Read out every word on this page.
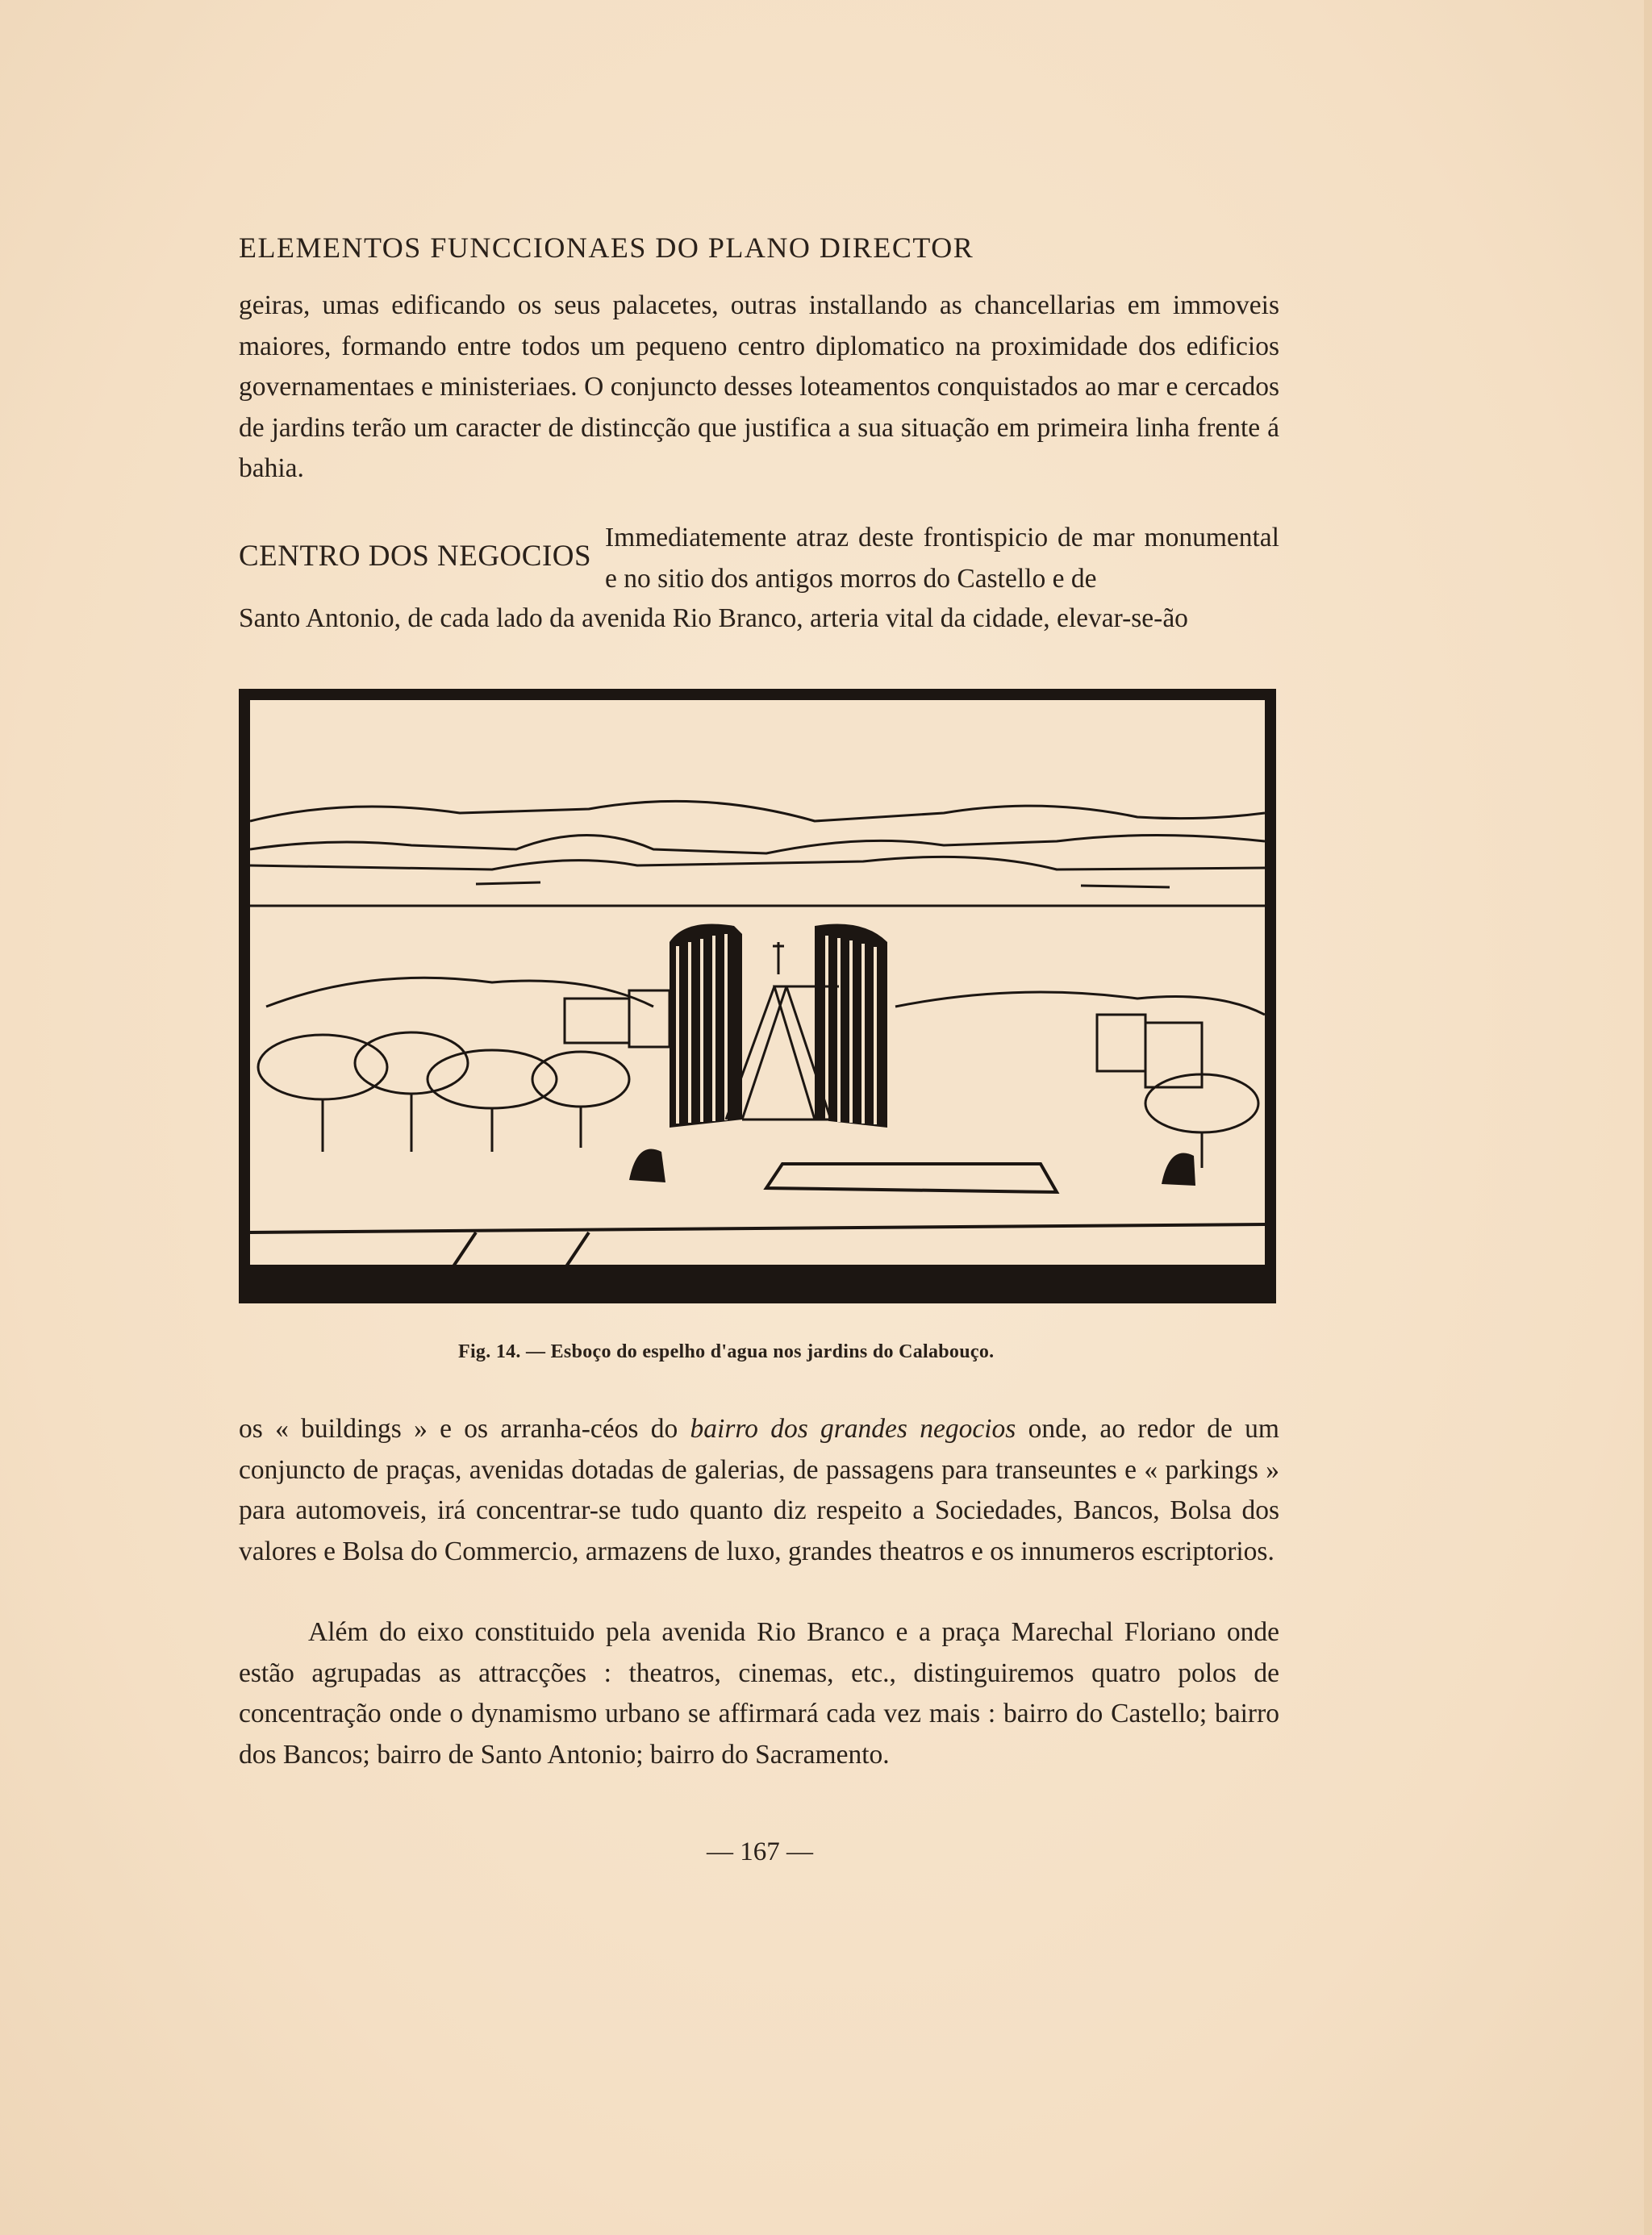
ELEMENTOS FUNCCIONAES DO PLANO DIRECTOR

geiras, umas edificando os seus palacetes, outras installando as chancellarias em immoveis maiores, formando entre todos um pequeno centro diplomatico na proximidade dos edificios governamentaes e ministeriaes. O conjuncto desses loteamentos conquistados ao mar e cercados de jardins terão um caracter de distincção que justifica a sua situação em primeira linha frente á bahia.

CENTRO DOS NEGOCIOS

Immediatemente atraz deste frontispicio de mar monumental e no sitio dos antigos morros do Castello e de

Santo Antonio, de cada lado da avenida Rio Branco, arteria vital da cidade, elevar-se-ão

Fig. 14. — Esboço do espelho d'agua nos jardins do Calabouço.

os « buildings » e os arranha-céos do bairro dos grandes negocios onde, ao redor de um conjuncto de praças, avenidas dotadas de galerias, de passagens para transeuntes e « parkings » para automoveis, irá concentrar-se tudo quanto diz respeito a Sociedades, Bancos, Bolsa dos valores e Bolsa do Commercio, armazens de luxo, grandes theatros e os innumeros escriptorios.

Além do eixo constituido pela avenida Rio Branco e a praça Marechal Floriano onde estão agrupadas as attracções : theatros, cinemas, etc., distinguiremos quatro polos de concentração onde o dynamismo urbano se affirmará cada vez mais : bairro do Castello; bairro dos Bancos; bairro de Santo Antonio; bairro do Sacramento.

— 167 —
